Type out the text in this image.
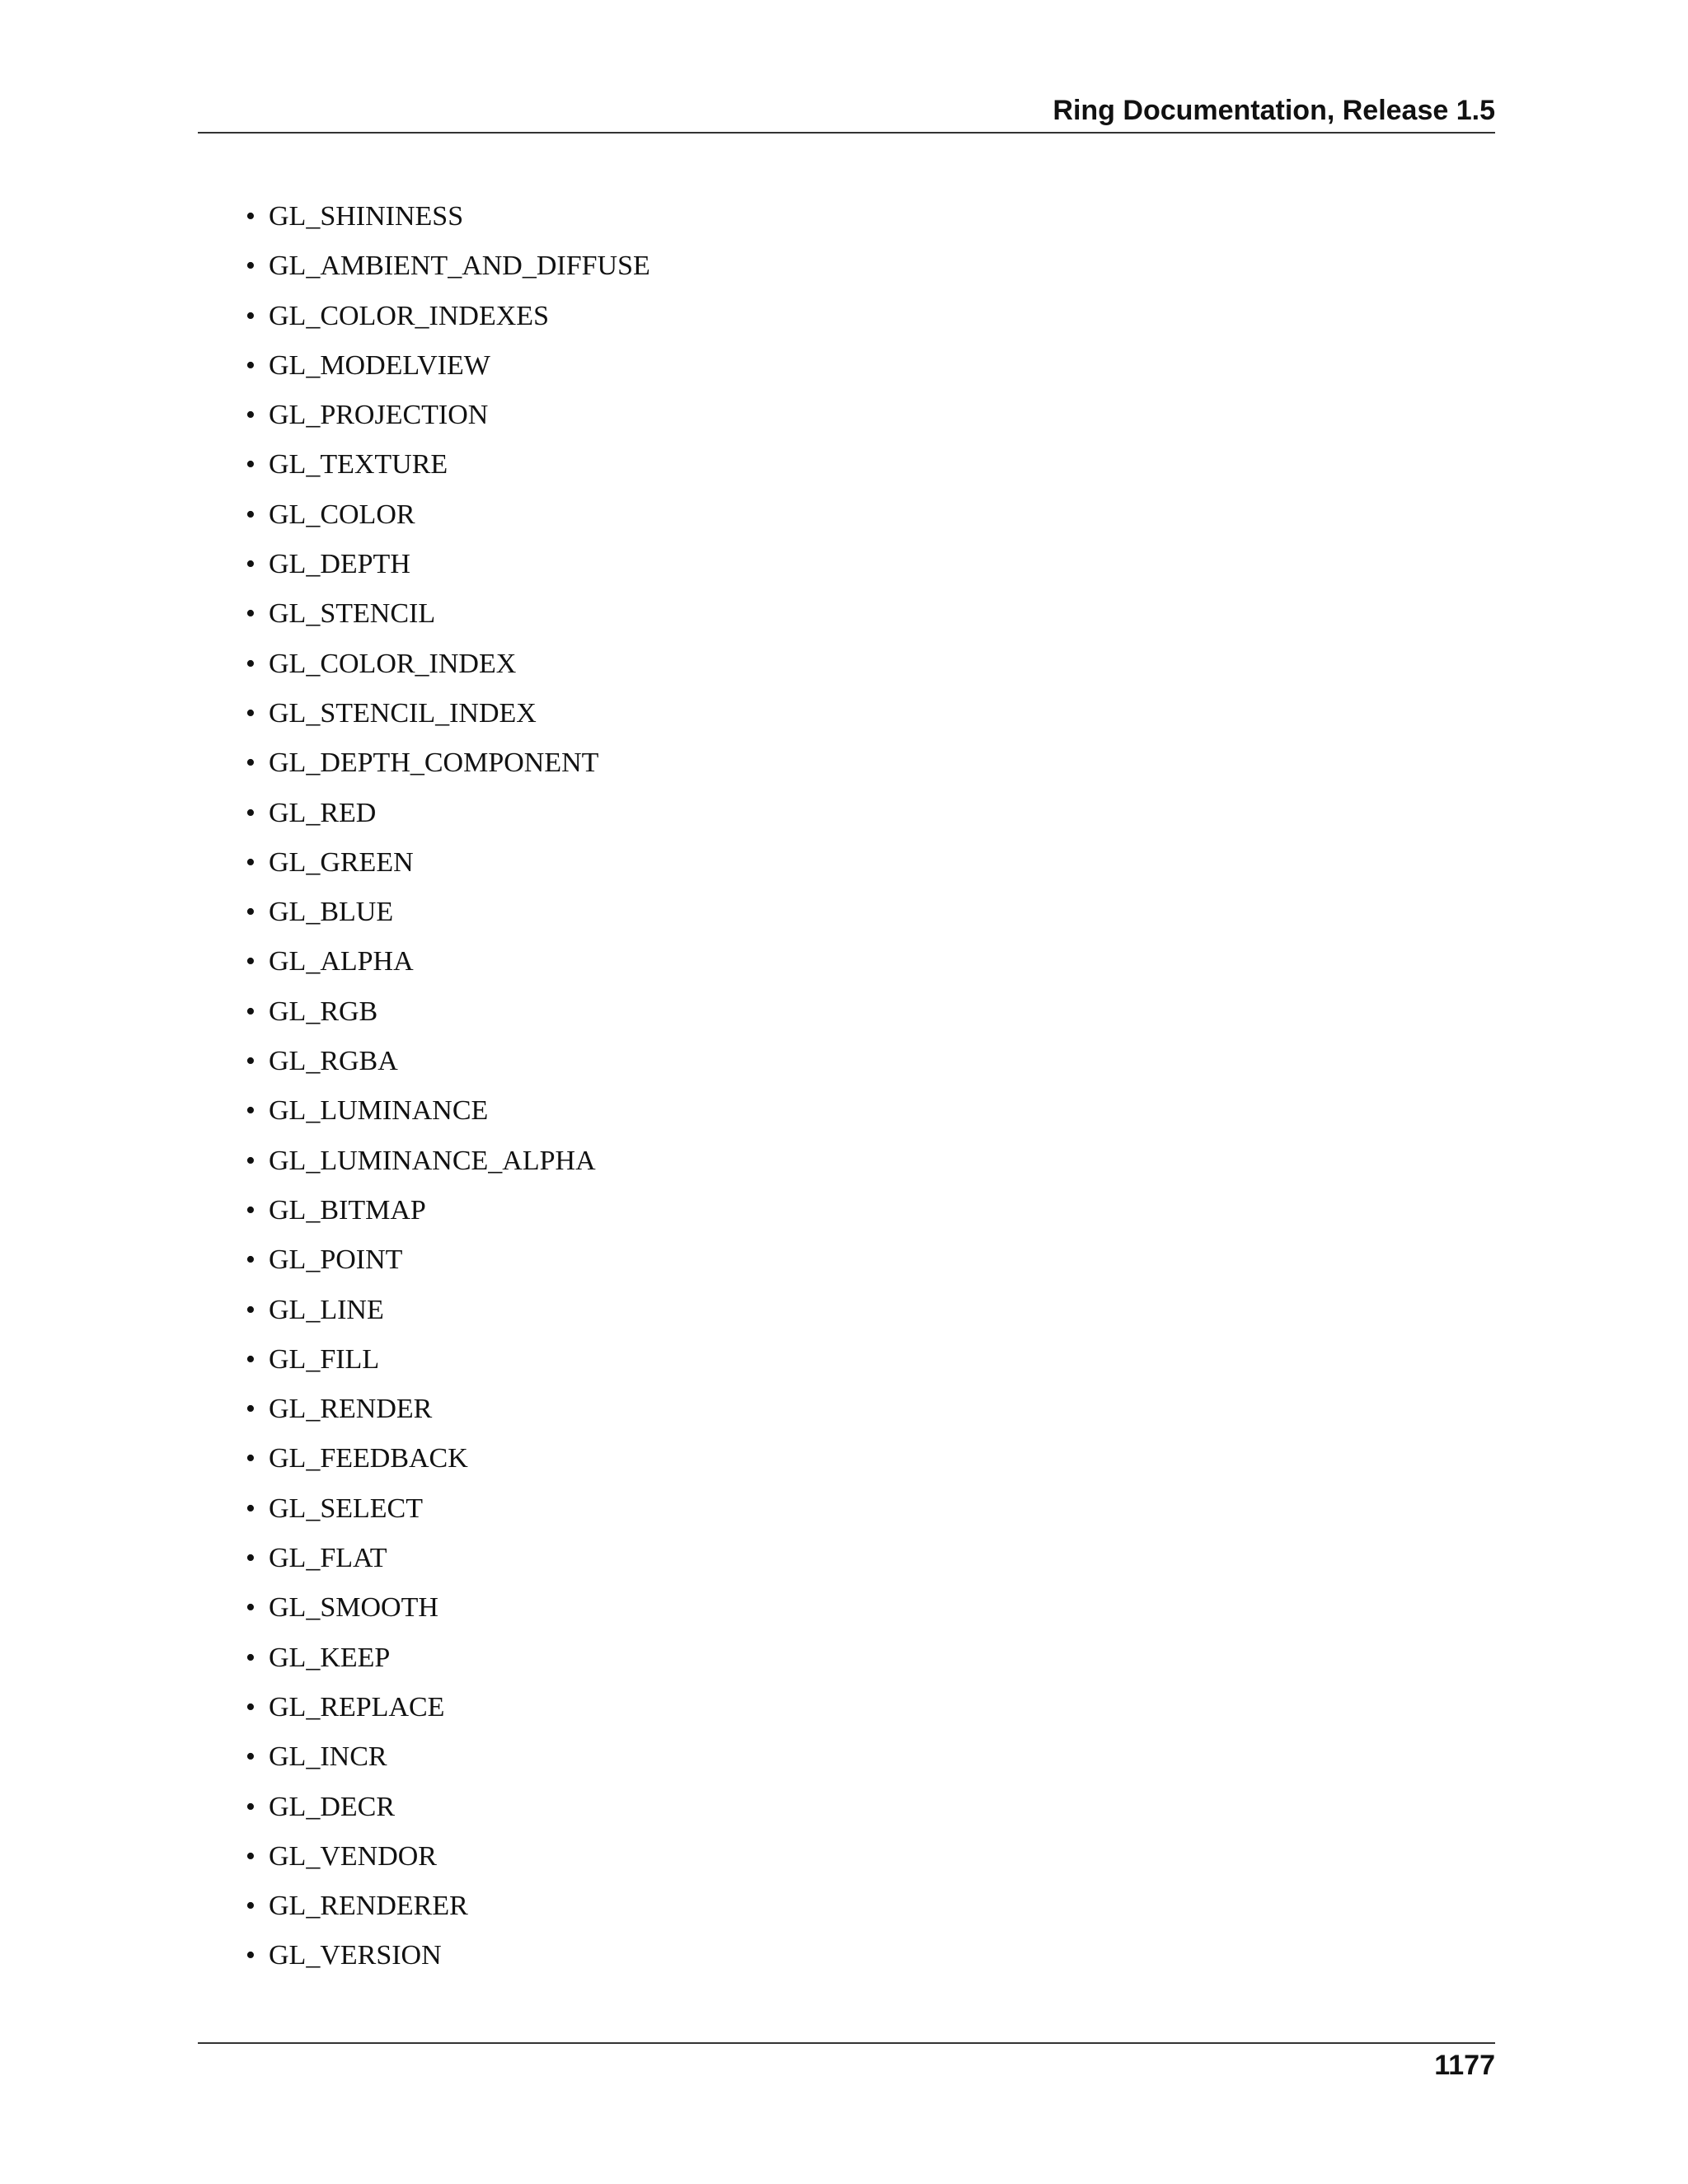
Ring Documentation, Release 1.5
• GL_SHININESS
• GL_AMBIENT_AND_DIFFUSE
• GL_COLOR_INDEXES
• GL_MODELVIEW
• GL_PROJECTION
• GL_TEXTURE
• GL_COLOR
• GL_DEPTH
• GL_STENCIL
• GL_COLOR_INDEX
• GL_STENCIL_INDEX
• GL_DEPTH_COMPONENT
• GL_RED
• GL_GREEN
• GL_BLUE
• GL_ALPHA
• GL_RGB
• GL_RGBA
• GL_LUMINANCE
• GL_LUMINANCE_ALPHA
• GL_BITMAP
• GL_POINT
• GL_LINE
• GL_FILL
• GL_RENDER
• GL_FEEDBACK
• GL_SELECT
• GL_FLAT
• GL_SMOOTH
• GL_KEEP
• GL_REPLACE
• GL_INCR
• GL_DECR
• GL_VENDOR
• GL_RENDERER
• GL_VERSION
1177
